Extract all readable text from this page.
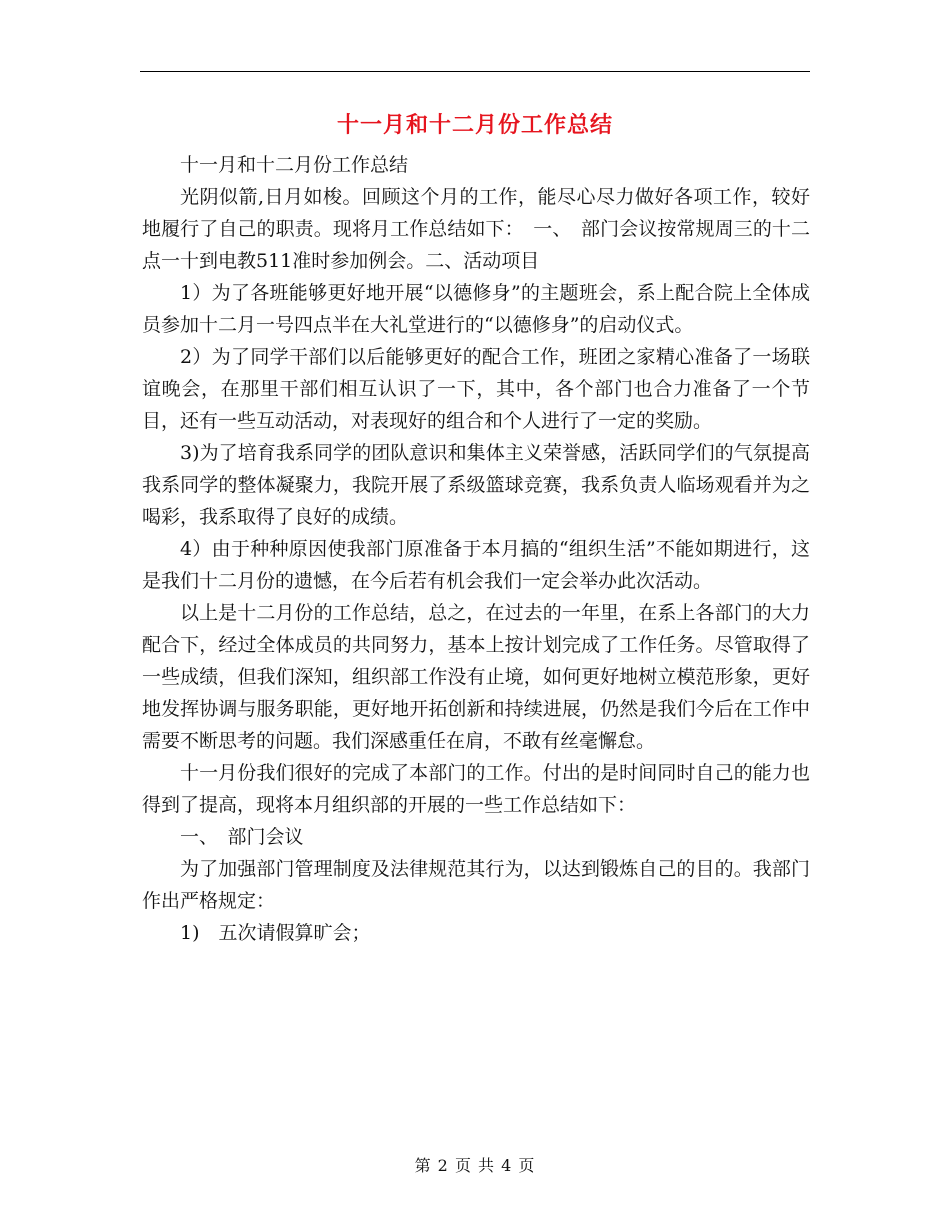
十一月和十二月份工作总结

十一月和十二月份工作总结

光阴似箭,日月如梭。回顾这个月的工作，能尽心尽力做好各项工作，较好地履行了自己的职责。现将月工作总结如下：　一、　部门会议按常规周三的十二点一十到电教511准时参加例会。二、活动项目

1）为了各班能够更好地开展“以德修身”的主题班会，系上配合院上全体成员参加十二月一号四点半在大礼堂进行的“以德修身”的启动仪式。

2）为了同学干部们以后能够更好的配合工作，班团之家精心准备了一场联谊晚会，在那里干部们相互认识了一下，其中，各个部门也合力准备了一个节目，还有一些互动活动，对表现好的组合和个人进行了一定的奖励。

3)为了培育我系同学的团队意识和集体主义荣誉感，活跃同学们的气氛提高我系同学的整体凝聚力，我院开展了系级篮球竞赛，我系负责人临场观看并为之喝彩，我系取得了良好的成绩。

4）由于种种原因使我部门原准备于本月搞的“组织生活”不能如期进行，这是我们十二月份的遗憾，在今后若有机会我们一定会举办此次活动。

以上是十二月份的工作总结，总之，在过去的一年里，在系上各部门的大力配合下，经过全体成员的共同努力，基本上按计划完成了工作任务。尽管取得了一些成绩，但我们深知，组织部工作没有止境，如何更好地树立模范形象，更好地发挥协调与服务职能，更好地开拓创新和持续进展，仍然是我们今后在工作中需要不断思考的问题。我们深感重任在肩，不敢有丝毫懈怠。

十一月份我们很好的完成了本部门的工作。付出的是时间同时自己的能力也得到了提高，现将本月组织部的开展的一些工作总结如下：

一、　部门会议

为了加强部门管理制度及法律规范其行为，以达到锻炼自己的目的。我部门作出严格规定：

1)　五次请假算旷会；

第 2 页 共 4 页
